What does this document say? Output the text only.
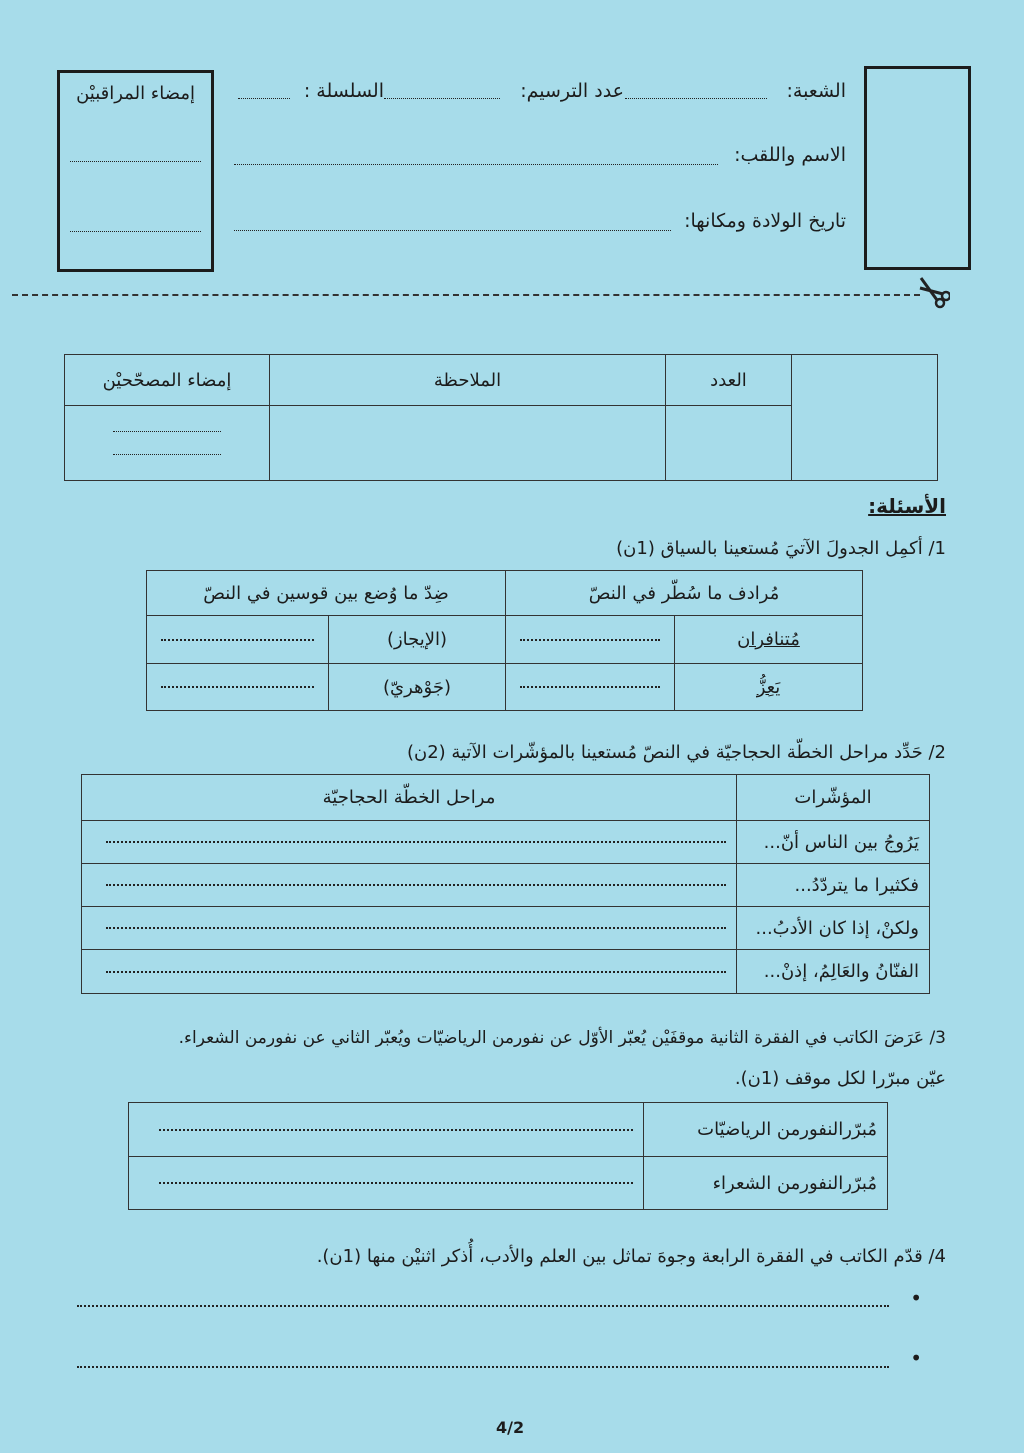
إمضاء المراقبيْن	الشعبة:
عدد الترسيم:
السلسلة :
الاسم واللقب:
تاريخ الولادة ومكانها:
	العدد	الملاحظة	إمضاء المصحّحيْن

الأسئلة:
1/ أكمِل الجدولَ الآتيَ مُستعينا بالسياق (1ن)
مُرادف ما سُطّر في النصّ		ضِدّ ما وُضع بين قوسين في النصّ	
مُتنافران		(الإيجاز)	

يَعِزُّ		(جَوْهريّ)	
2/ حَدِّد مراحل الخطّة الحجاجيّة في النصّ مُستعينا بالمؤشّرات الآتية (2ن)
المؤشّرات	مراحل الخطّة الحجاجيّة
يَرُوجُ بين الناس أنّ...	

فكثيرا ما يتردّدُ...	

ولكنْ، إذا كان الأدبُ...	

الفنّانُ والعَالِمُ، إذنْ...	
3/ عَرَضَ الكاتب في الفقرة الثانية موقفَيْن يُعبّر الأوّل عن نفورمن الرياضيّات ويُعبّر الثاني عن نفورمن الشعراء.
عيّن مبرّرا لكل موقف (1ن).
مُبرّرالنفورمن الرياضيّات	

مُبرّرالنفورمن الشعراء	
4/ قدّم الكاتب في الفقرة الرابعة وجوهَ تماثل بين العلم والأدب، أُذكر اثنيْن منها (1ن).
•
•
4/2
